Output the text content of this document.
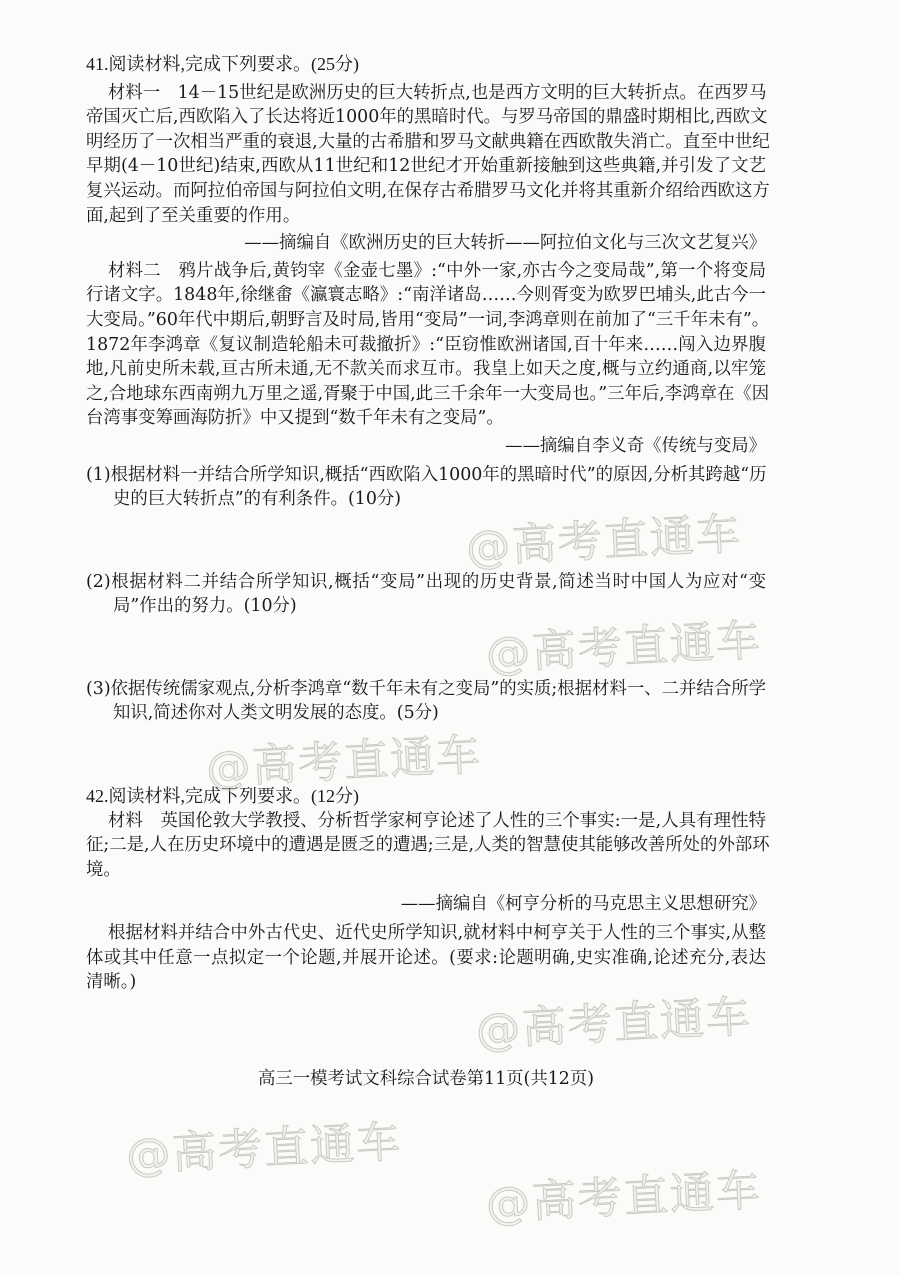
41.阅读材料,完成下列要求。(25分)
材料一　14－15世纪是欧洲历史的巨大转折点,也是西方文明的巨大转折点。在西罗马
帝国灭亡后,西欧陷入了长达将近1000年的黑暗时代。与罗马帝国的鼎盛时期相比,西欧文
明经历了一次相当严重的衰退,大量的古希腊和罗马文献典籍在西欧散失消亡。直至中世纪
早期(4－10世纪)结束,西欧从11世纪和12世纪才开始重新接触到这些典籍,并引发了文艺
复兴运动。而阿拉伯帝国与阿拉伯文明,在保存古希腊罗马文化并将其重新介绍给西欧这方
面,起到了至关重要的作用。
——摘编自《欧洲历史的巨大转折——阿拉伯文化与三次文艺复兴》
材料二　鸦片战争后,黄钧宰《金壶七墨》:“中外一家,亦古今之变局哉”,第一个将变局
行诸文字。1848年,徐继畬《瀛寰志略》:“南洋诸岛……今则胥变为欧罗巴埔头,此古今一
大变局。”60年代中期后,朝野言及时局,皆用“变局”一词,李鸿章则在前加了“三千年未有”。
1872年李鸿章《复议制造轮船未可裁撤折》:“臣窃惟欧洲诸国,百十年来……闯入边界腹
地,凡前史所未载,亘古所未通,无不款关而求互市。我皇上如天之度,概与立约通商,以牢笼
之,合地球东西南朔九万里之遥,胥聚于中国,此三千余年一大变局也。”三年后,李鸿章在《因
台湾事变筹画海防折》中又提到“数千年未有之变局”。
——摘编自李义奇《传统与变局》
(1)根据材料一并结合所学知识,概括“西欧陷入1000年的黑暗时代”的原因,分析其跨越“历
史的巨大转折点”的有利条件。(10分)
@高考直通车
(2)根据材料二并结合所学知识,概括“变局”出现的历史背景,简述当时中国人为应对“变
局”作出的努力。(10分)
@高考直通车
(3)依据传统儒家观点,分析李鸿章“数千年未有之变局”的实质;根据材料一、二并结合所学
知识,简述你对人类文明发展的态度。(5分)
@高考直通车
42.阅读材料,完成下列要求。(12分)
材料　英国伦敦大学教授、分析哲学家柯亨论述了人性的三个事实:一是,人具有理性特
征;二是,人在历史环境中的遭遇是匮乏的遭遇;三是,人类的智慧使其能够改善所处的外部环
境。
——摘编自《柯亨分析的马克思主义思想研究》
根据材料并结合中外古代史、近代史所学知识,就材料中柯亨关于人性的三个事实,从整
体或其中任意一点拟定一个论题,并展开论述。(要求:论题明确,史实准确,论述充分,表达
清晰。)
@高考直通车
高三一模考试文科综合试卷第11页(共12页)
@高考直通车
@高考直通车
